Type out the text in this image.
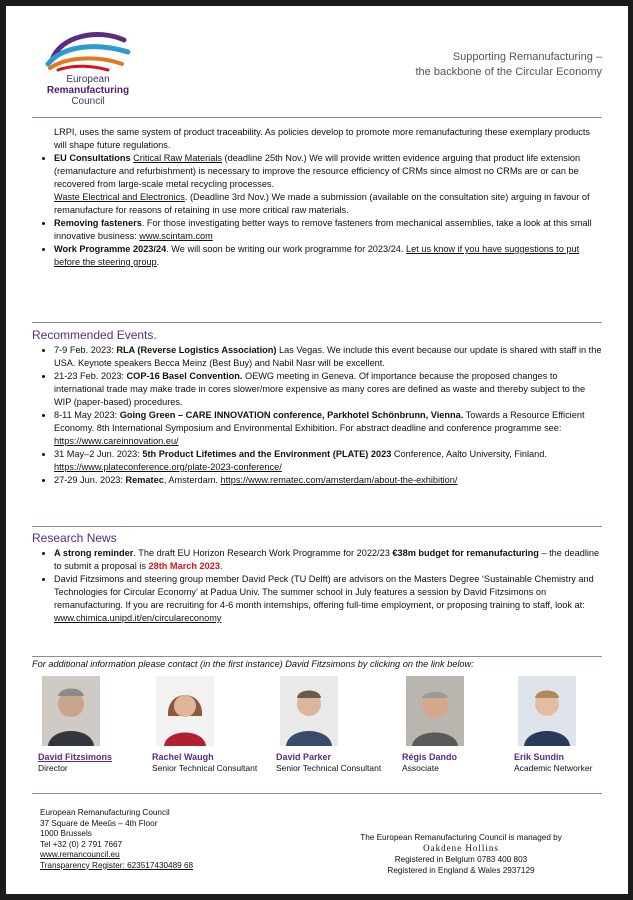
European
Remanufacturing
Council
Supporting Remanufacturing –
the backbone of the Circular Economy
LRPI, uses the same system of product traceability. As policies develop to promote more remanufacturing these exemplary products will shape future regulations.
• EU Consultations Critical Raw Materials (deadline 25th Nov.) We will provide written evidence arguing that product life extension (remanufacture and refurbishment) is necessary to improve the resource efficiency of CRMs since almost no CRMs are or can be recovered from large-scale metal recycling processes.
Waste Electrical and Electronics. (Deadline 3rd Nov.) We made a submission (available on the consultation site) arguing in favour of remanufacture for reasons of retaining in use more critical raw materials.
• Removing fasteners. For those investigating better ways to remove fasteners from mechanical assemblies, take a look at this small innovative business: www.scintam.com
• Work Programme 2023/24. We will soon be writing our work programme for 2023/24. Let us know if you have suggestions to put before the steering group.
Recommended Events.
• 7-9 Feb. 2023: RLA (Reverse Logistics Association) Las Vegas. We include this event because our update is shared with staff in the USA. Keynote speakers Becca Meinz (Best Buy) and Nabil Nasr will be excellent.
• 21-23 Feb. 2023: COP-16 Basel Convention. OEWG meeting in Geneva. Of importance because the proposed changes to international trade may make trade in cores slower/more expensive as many cores are defined as waste and thereby subject to the WIP (paper-based) procedures.
• 8-11 May 2023: Going Green – CARE INNOVATION conference, Parkhotel Schönbrunn, Vienna. Towards a Resource Efficient Economy. 8th International Symposium and Environmental Exhibition. For abstract deadline and conference programme see: https://www.careinnovation.eu/
• 31 May–2 Jun. 2023: 5th Product Lifetimes and the Environment (PLATE) 2023 Conference, Aalto University, Finland. https://www.plateconference.org/plate-2023-conference/
• 27-29 Jun. 2023: Rematec, Amsterdam. https://www.rematec.com/amsterdam/about-the-exhibition/
Research News
• A strong reminder. The draft EU Horizon Research Work Programme for 2022/23 €38m budget for remanufacturing – the deadline to submit a proposal is 28th March 2023.
• David Fitzsimons and steering group member David Peck (TU Delft) are advisors on the Masters Degree ‘Sustainable Chemistry and Technologies for Circular Economy’ at Padua Univ. The summer school in July features a session by David Fitzsimons on remanufacturing. If you are recruiting for 4-6 month internships, offering full-time employment, or proposing training to staff, look at: www.chimica.unipd.it/en/circulareconomy
For additional information please contact (in the first instance) David Fitzsimons by clicking on the link below:
David Fitzsimons
Director
Rachel Waugh
Senior Technical Consultant
David Parker
Senior Technical Consultant
Régis Dando
Associate
Erik Sundin
Academic Networker
European Remanufacturing Council
37 Square de Meeûs – 4th Floor
1000 Brussels
Tel +32 (0) 2 791 7667
www.remancouncil.eu
Transparency Register: 623517430489 68
The European Remanufacturing Council is managed by
Oakdene Hollins
Registered in Belgium 0783 400 803
Registered in England & Wales 2937129
